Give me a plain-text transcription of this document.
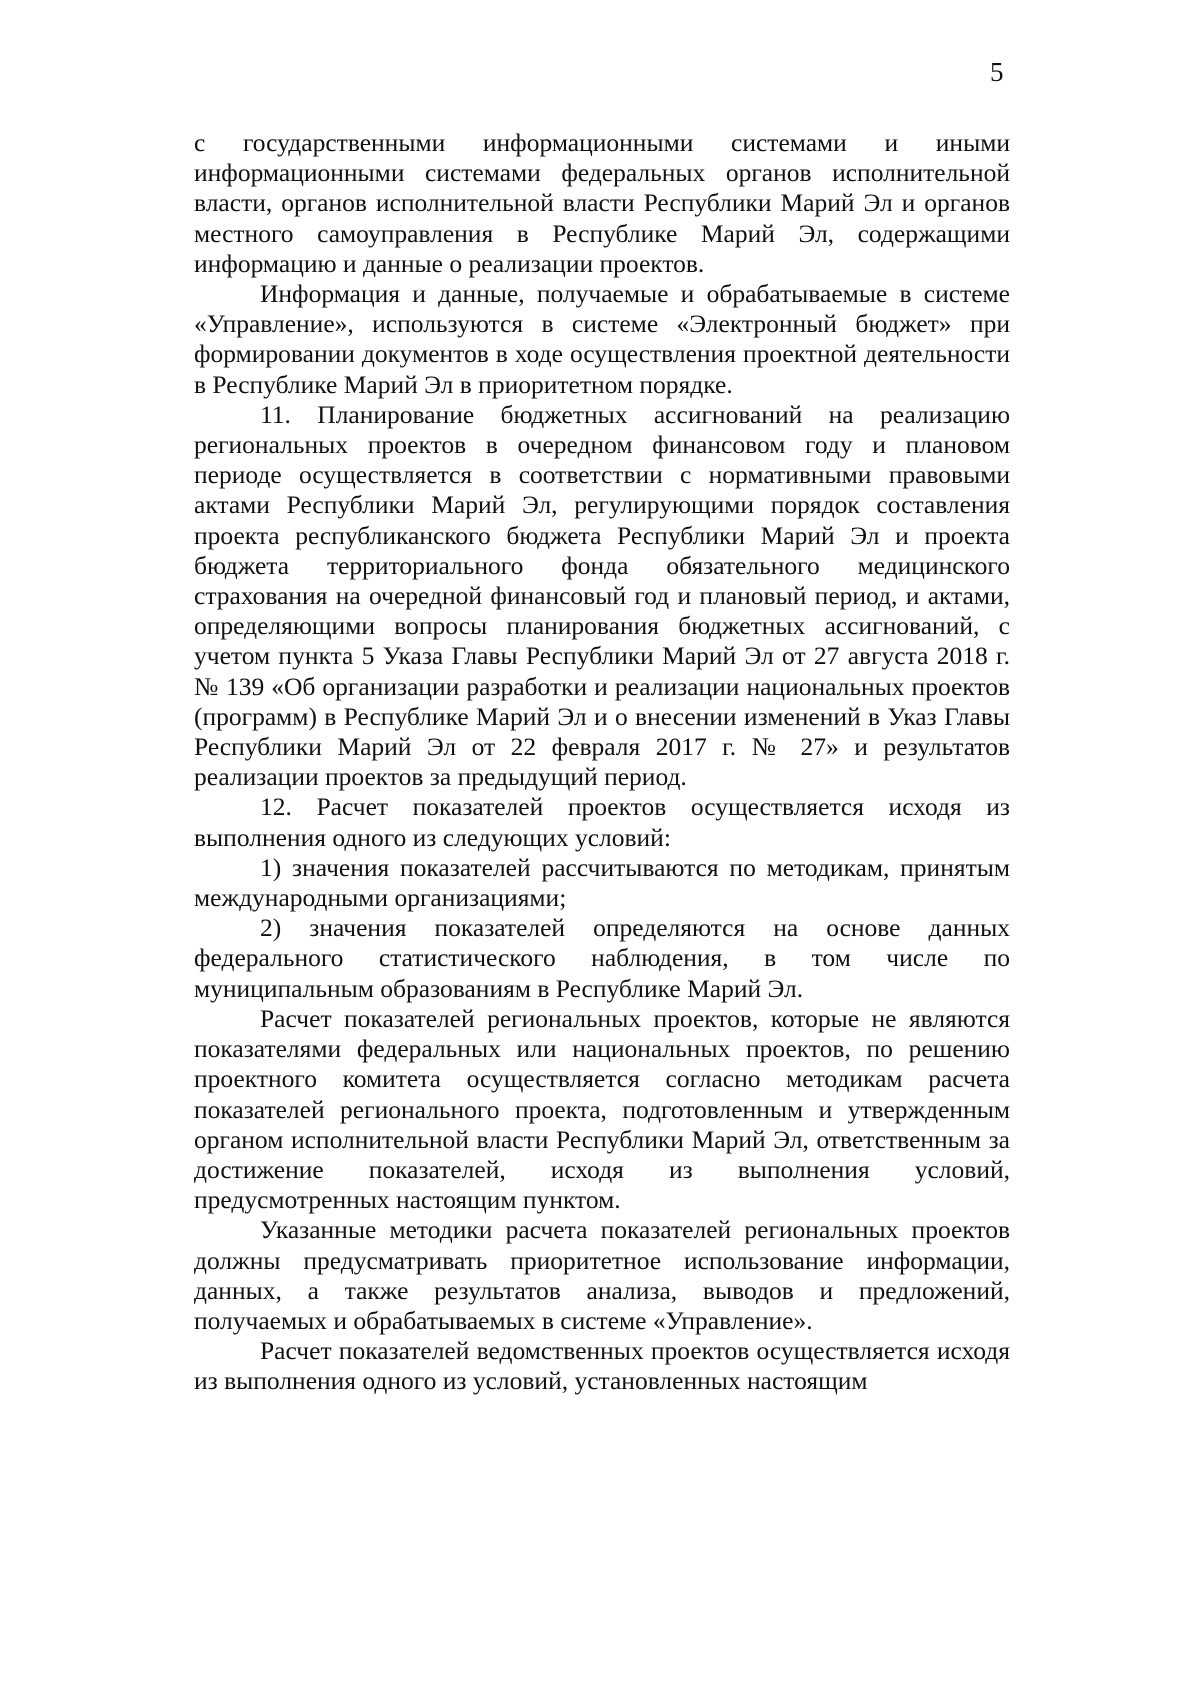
5

с государственными информационными системами и иными информационными системами федеральных органов исполнительной власти, органов исполнительной власти Республики Марий Эл и органов местного самоуправления в Республике Марий Эл, содержащими информацию и данные о реализации проектов.

Информация и данные, получаемые и обрабатываемые в системе «Управление», используются в системе «Электронный бюджет» при формировании документов в ходе осуществления проектной деятельности в Республике Марий Эл в приоритетном порядке.

11. Планирование бюджетных ассигнований на реализацию региональных проектов в очередном финансовом году и плановом периоде осуществляется в соответствии с нормативными правовыми актами Республики Марий Эл, регулирующими порядок составления проекта республиканского бюджета Республики Марий Эл и проекта бюджета территориального фонда обязательного медицинского страхования на очередной финансовый год и плановый период, и актами, определяющими вопросы планирования бюджетных ассигнований, с учетом пункта 5 Указа Главы Республики Марий Эл от 27 августа 2018 г. № 139 «Об организации разработки и реализации национальных проектов (программ) в Республике Марий Эл и о внесении изменений в Указ Главы Республики Марий Эл от 22 февраля 2017 г. № 27» и результатов реализации проектов за предыдущий период.

12. Расчет показателей проектов осуществляется исходя из выполнения одного из следующих условий:

1) значения показателей рассчитываются по методикам, принятым международными организациями;

2) значения показателей определяются на основе данных федерального статистического наблюдения, в том числе по муниципальным образованиям в Республике Марий Эл.

Расчет показателей региональных проектов, которые не являются показателями федеральных или национальных проектов, по решению проектного комитета осуществляется согласно методикам расчета показателей регионального проекта, подготовленным и утвержденным органом исполнительной власти Республики Марий Эл, ответственным за достижение показателей, исходя из выполнения условий, предусмотренных настоящим пунктом.

Указанные методики расчета показателей региональных проектов должны предусматривать приоритетное использование информации, данных, а также результатов анализа, выводов и предложений, получаемых и обрабатываемых в системе «Управление».

Расчет показателей ведомственных проектов осуществляется исходя из выполнения одного из условий, установленных настоящим
